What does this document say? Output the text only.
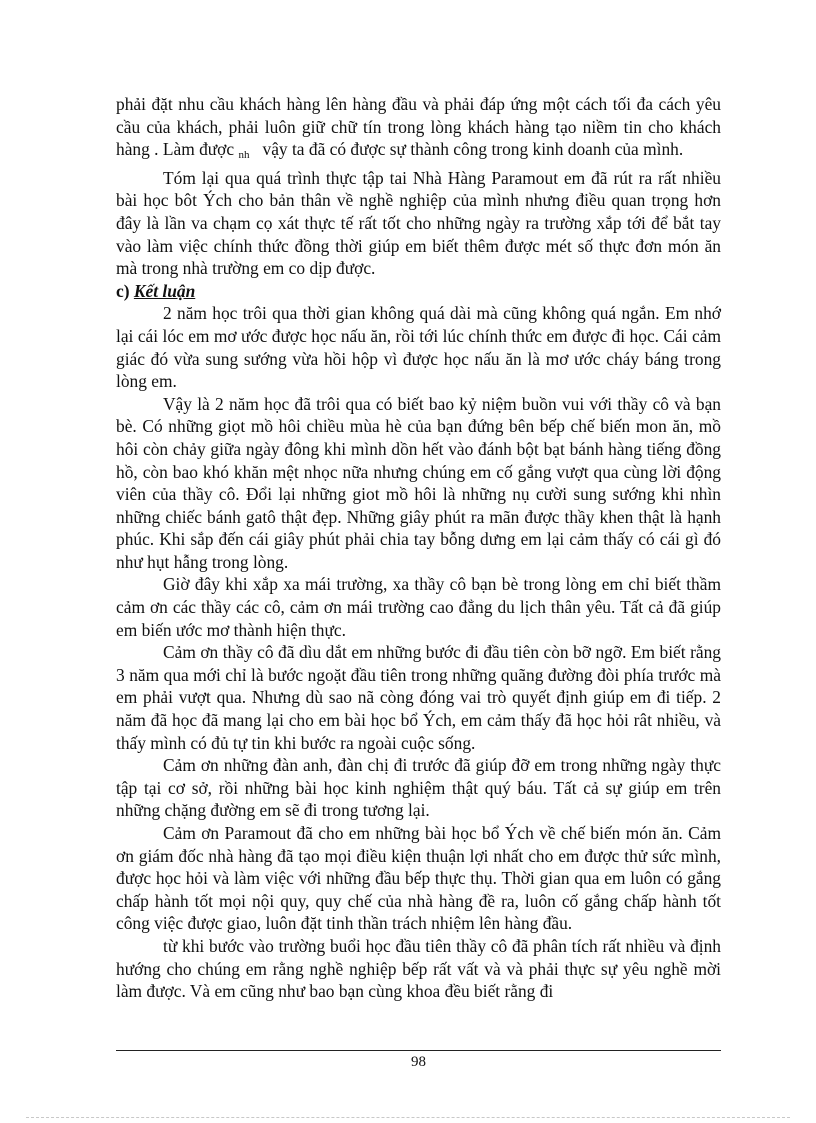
phải đặt nhu cầu khách hàng lên hàng đầu và phải đáp ứng một cách tối đa cách yêu cầu của khách, phải luôn giữ chữ tín trong lòng khách hàng tạo niềm tin cho khách hàng . Làm được nh vậy ta đã có được sự thành công trong kinh doanh của mình.

Tóm lại qua quá trình thực tập tai Nhà Hàng Paramout em đã rút ra rất nhiều bài học bôt Ých cho bản thân về nghề nghiệp của mình nhưng điều quan trọng hơn đây là lần va chạm cọ xát thực tế rất tốt cho những ngày ra trường xắp tới để bắt tay vào làm việc chính thức đồng thời giúp em biết thêm được mét số thực đơn món ăn mà trong nhà trường em co dịp được.

c) Kết luận

2 năm học trôi qua thời gian không quá dài mà cũng không quá ngắn. Em nhớ lại cái lóc em mơ ước được học nấu ăn, rồi tới lúc chính thức em được đi học. Cái cảm giác đó vừa sung sướng vừa hồi hộp vì được học nấu ăn là mơ ước cháy báng trong lòng em.

Vậy là 2 năm học đã trôi qua có biết bao kỷ niệm buồn vui với thầy cô và bạn bè. Có những giọt mồ hôi chiều mùa hè của bạn đứng bên bếp chế biến mon ăn, mồ hôi còn chảy giữa ngày đông khi mình dồn hết vào đánh bột bạt bánh hàng tiếng đồng hồ, còn bao khó khăn mệt nhọc nữa nhưng chúng em cố gắng vượt qua cùng lời động viên của thầy cô. Đổi lại những giot mồ hôi là những nụ cười sung sướng khi nhìn những chiếc bánh gatô thật đẹp. Những giây phút ra mãn được thầy khen thật là hạnh phúc. Khi sắp đến cái giây phút phải chia tay bỗng dưng em lại cảm thấy có cái gì đó như hụt hẫng trong lòng.

Giờ đây khi xắp xa mái trường, xa thầy cô bạn bè trong lòng em chỉ biết thầm cảm ơn các thầy các cô, cảm ơn mái trường cao đẳng du lịch thân yêu. Tất cả đã giúp em biến ước mơ thành hiện thực.

Cảm ơn thầy cô đã dìu dắt em những bước đi đầu tiên còn bỡ ngỡ. Em biết rằng 3 năm qua mới chỉ là bước ngoặt đầu tiên trong những quãng đường đòi phía trước mà em phải vượt qua. Nhưng dù sao nã còng đóng vai trò quyết định giúp em đi tiếp. 2 năm đã học đã mang lại cho em bài học bổ Ých, em cảm thấy đã học hỏi rât nhiều, và thấy mình có đủ tự tin khi bước ra ngoài cuộc sống.

Cảm ơn những đàn anh, đàn chị đi trước đã giúp đỡ em trong những ngày thực tập tại cơ sở, rồi những bài học kinh nghiệm thật quý báu. Tất cả sự giúp em trên những chặng đường em sẽ đi trong tương lại.

Cảm ơn Paramout đã cho em những bài học bổ Ých về chế biến món ăn. Cảm ơn giám đốc nhà hàng đã tạo mọi điều kiện thuận lợi nhất cho em được thử sức mình, được học hỏi và làm việc với những đầu bếp thực thụ. Thời gian qua em luôn có gắng chấp hành tốt mọi nội quy, quy chế của nhà hàng đề ra, luôn cố gắng chấp hành tốt công việc được giao, luôn đặt tinh thần trách nhiệm lên hàng đầu.

từ khi bước vào trường buổi học đầu tiên thầy cô đã phân tích rất nhiều và định hướng cho chúng em rằng nghề nghiệp bếp rất vất và và phải thực sự yêu nghề mời làm được. Và em cũng như bao bạn cùng khoa đều biết rằng đi

98
